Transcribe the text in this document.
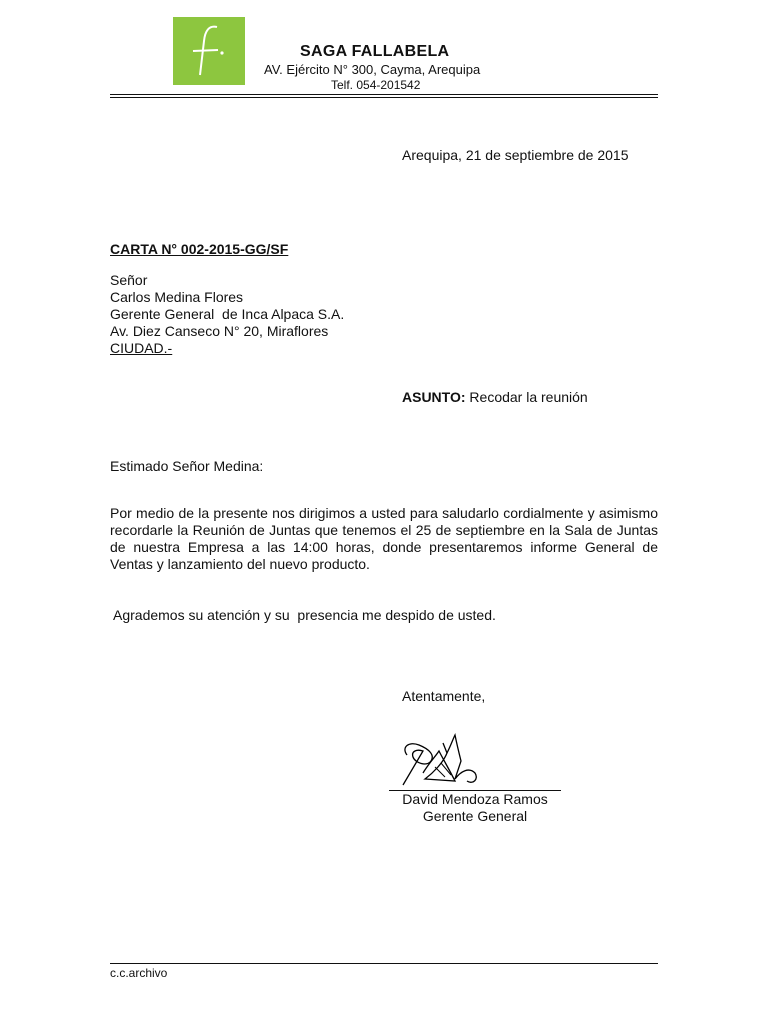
SAGA FALLABELA
AV. Ejército N° 300, Cayma, Arequipa
Telf. 054-201542
Arequipa, 21 de septiembre de 2015
CARTA N° 002-2015-GG/SF
Señor
Carlos Medina Flores
Gerente General  de Inca Alpaca S.A.
Av. Diez Canseco N° 20, Miraflores
CIUDAD.-
ASUNTO: Recodar la reunión
Estimado Señor Medina:
Por medio de la presente nos dirigimos a usted para saludarlo cordialmente y asimismo recordarle la Reunión de Juntas que tenemos el 25 de septiembre en la Sala de Juntas de nuestra Empresa a las 14:00 horas, donde presentaremos informe General de Ventas y lanzamiento del nuevo producto.
Agrademos su atención y su  presencia me despido de usted.
Atentamente,
David Mendoza Ramos
Gerente General
c.c.archivo
